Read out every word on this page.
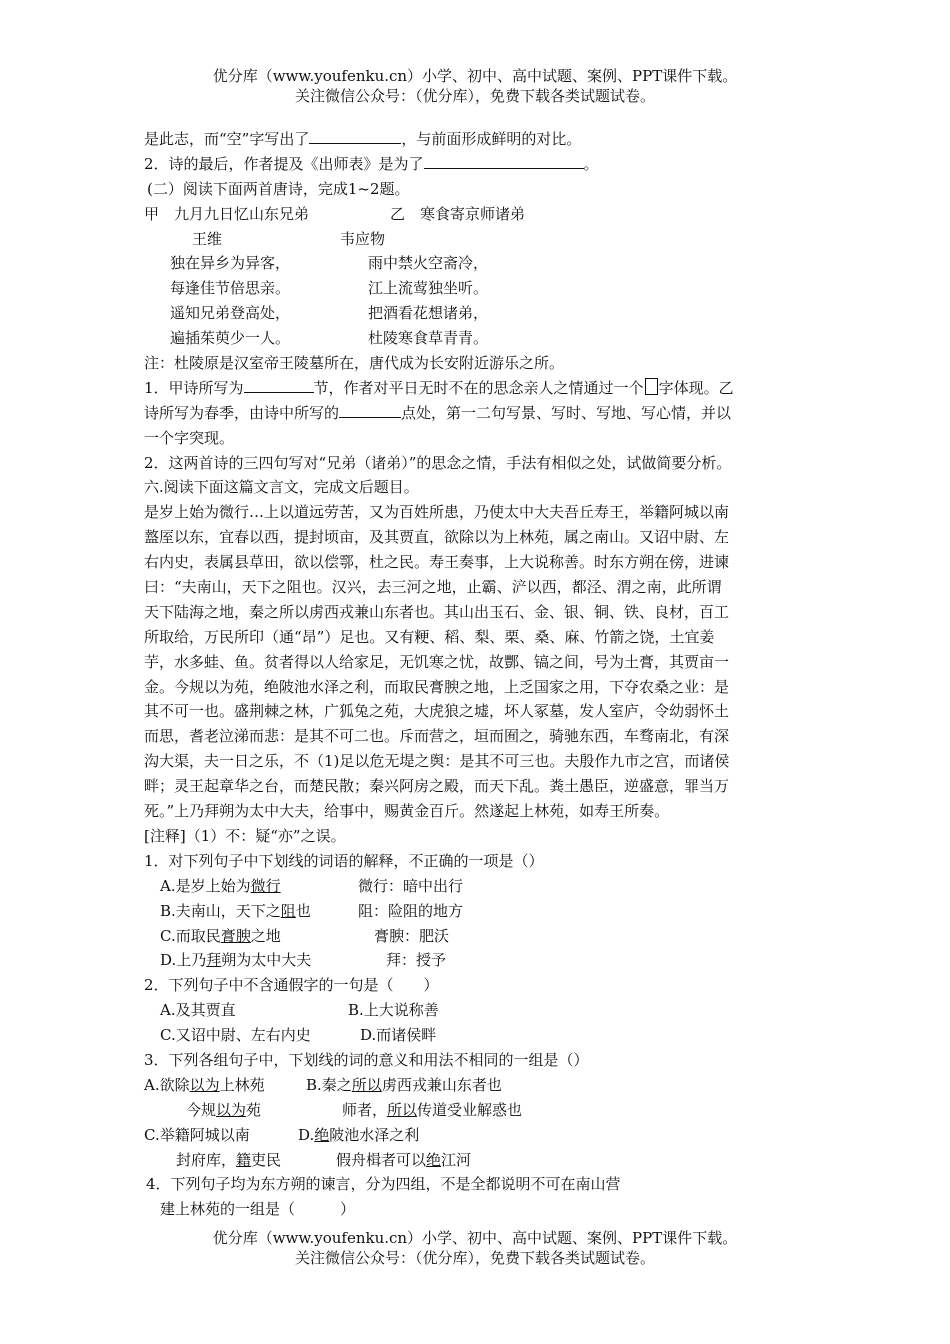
优分库（www.youfenku.cn）小学、初中、高中试题、案例、PPT课件下载。
关注微信公众号：（优分库），免费下载各类试题试卷。
是此志，而“空”字写出了	，与前面形成鲜明的对比。
2．诗的最后，作者提及《出师表》是为了	。
(二）阅读下面两首唐诗，完成1~2题。
甲　九月九日忆山东兄弟	乙　寒食寄京师诸弟
王维	韦应物
独在异乡为异客，	雨中禁火空斋冷，
每逢佳节倍思亲。	江上流莺独坐听。
遥知兄弟登高处，	把酒看花想诸弟，
遍插茱萸少一人。	杜陵寒食草青青。
注：杜陵原是汉室帝王陵墓所在，唐代成为长安附近游乐之所。
1．甲诗所写为	节，作者对平日无时不在的思念亲人之情通过一个 字体现。乙
诗所写为春季，由诗中所写的	点处，第一二句写景、写时、写地、写心情，并以
一个字突现。
2．这两首诗的三四句写对“兄弟（诸弟）”的思念之情，手法有相似之处，试做简要分析。
六.阅读下面这篇文言文，完成文后题目。
是岁上始为微行…上以道远劳苦，又为百姓所患，乃使太中大夫吾丘寿王，举籍阿城以南
盩厔以东，宜春以西，提封顷亩，及其贾直，欲除以为上林苑，属之南山。又诏中尉、左
右内史，表属县草田，欲以偿鄠，杜之民。寿王奏事，上大说称善。时东方朔在傍，进谏
曰：“夫南山，天下之阻也。汉兴，去三河之地，止霸、浐以西，都泾、渭之南，此所谓
天下陆海之地，秦之所以虏西戎兼山东者也。其山出玉石、金、银、铜、铁、良材，百工
所取给，万民所印（通“昂”）足也。又有粳、稻、梨、栗、桑、麻、竹箭之饶，土宜姜
芋，水多蛙、鱼。贫者得以人给家足，无饥寒之忧，故酆、镐之间，号为土膏，其贾亩一
金。今规以为苑，绝陂池水泽之利，而取民膏腴之地，上乏国家之用，下夺农桑之业：是
其不可一也。盛荆棘之林，广狐兔之苑，大虎狼之墟，坏人冢墓，发人室庐，令幼弱怀土
而思，耆老泣涕而悲：是其不可二也。斥而营之，垣而囿之，骑驰东西，车骛南北，有深
沟大渠，夫一日之乐，不（1)足以危无堤之舆：是其不可三也。夫殷作九市之宫，而诸侯
畔；灵王起章华之台，而楚民散；秦兴阿房之殿，而天下乱。粪土愚臣，逆盛意，罪当万
死。”上乃拜朔为太中大夫，给事中，赐黄金百斤。然遂起上林苑，如寿王所奏。
[注释]（1）不：疑“亦”之误。
1．对下列句子中下划线的词语的解释，不正确的一项是（）
A.是岁上始为微行	微行：暗中出行
B.夫南山，天下之阻也	阻：险阻的地方
C.而取民膏腴之地	膏腴：肥沃
D.上乃拜朔为太中大夫	拜：授予
2．下列句子中不含通假字的一句是（　　）
A.及其贾直	B.上大说称善
C.又诏中尉、左右内史	D.而诸侯畔
3．下列各组句子中，下划线的词的意义和用法不相同的一组是（）
A.欲除以为上林苑	B.秦之所以虏西戎兼山东者也
今规以为苑	师者，所以传道受业解惑也
C.举籍阿城以南	D.绝陂池水泽之利
封府库，籍吏民	假舟楫者可以绝江河
4．下列句子均为东方朔的谏言，分为四组，不是全都说明不可在南山营
建上林苑的一组是（　　　）
优分库（www.youfenku.cn）小学、初中、高中试题、案例、PPT课件下载。
关注微信公众号：（优分库），免费下载各类试题试卷。
